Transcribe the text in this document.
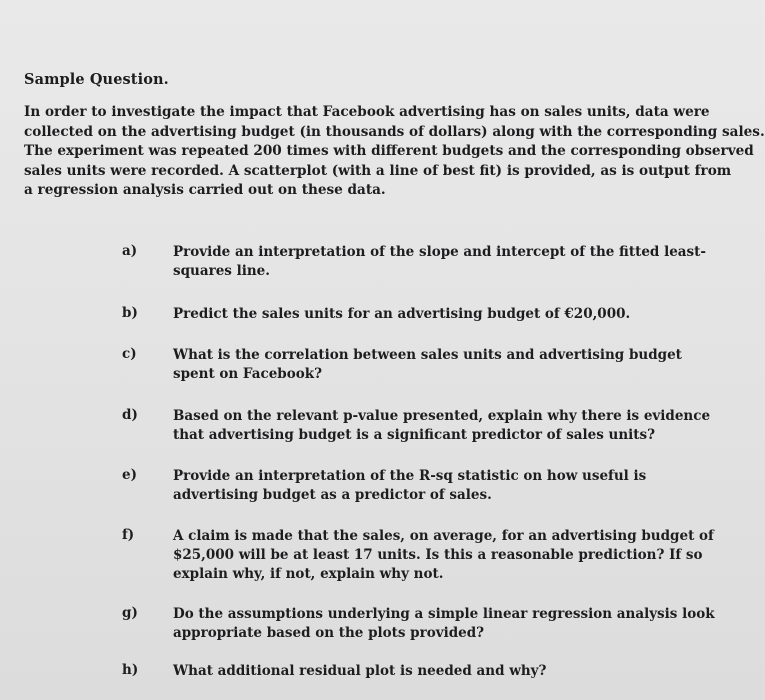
Sample Question.
In order to investigate the impact that Facebook advertising has on sales units, data were
collected on the advertising budget (in thousands of dollars) along with the corresponding sales.
The experiment was repeated 200 times with different budgets and the corresponding observed
sales units were recorded. A scatterplot (with a line of best fit) is provided, as is output from
a regression analysis carried out on these data.
a)	Provide an interpretation of the slope and intercept of the fitted least-
squares line.
b)	Predict the sales units for an advertising budget of €20,000.
c)	What is the correlation between sales units and advertising budget
spent on Facebook?
d)	Based on the relevant p-value presented, explain why there is evidence
that advertising budget is a significant predictor of sales units?
e)	Provide an interpretation of the R-sq statistic on how useful is
advertising budget as a predictor of sales.
f)	A claim is made that the sales, on average, for an advertising budget of
$25,000 will be at least 17 units. Is this a reasonable prediction? If so
explain why, if not, explain why not.
g)	Do the assumptions underlying a simple linear regression analysis look
appropriate based on the plots provided?
h)	What additional residual plot is needed and why?
